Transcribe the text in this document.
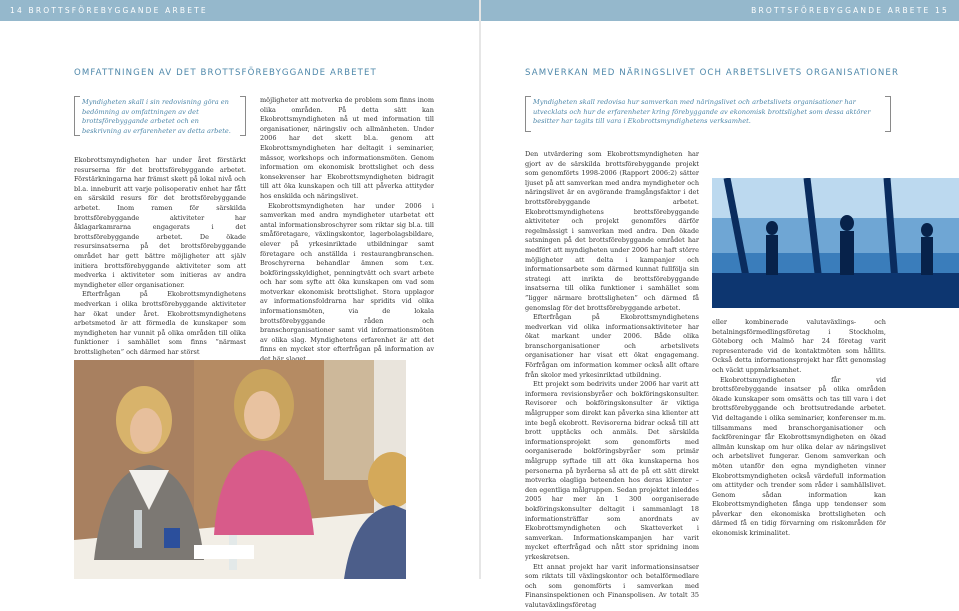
14 BROTTSFÖREBYGGANDE ARBETE	BROTTSFÖREBYGGANDE ARBETE 15
OMFATTNINGEN AV DET BROTTSFÖREBYGGANDE ARBETET
Myndigheten skall i sin redovisning göra en bedömning av omfattningen av det brottsförebyggande arbetet och en beskrivning av erfarenheter av detta arbete.

Ekobrottsmyndigheten har under året förstärkt resurserna för det brottsförebyggande arbetet. Förstärkningarna har främst skett på lokal nivå och bl.a. inneburit att varje polisoperativ enhet har fått en särskild resurs för det brottsförebyggande arbetet. Inom ramen för särskilda brottsförebyggande aktiviteter har åklagarkamrarna engagerats i det brottsförebyggande arbetet. De ökade resursinsatserna på det brottsförebyggande området har gett bättre möjligheter att själv initiera brottsförebyggande aktiviteter som att medverka i aktiviteter som initieras av andra myndigheter eller organisationer.

Efterfrågan på Ekobrottsmyndighetens medverkan i olika brottsförebyggande aktiviteter har ökat under året. Ekobrottsmyndighetens arbetsmetod är att förmedla de kunskaper som myndigheten har vunnit på olika områden till olika funktioner i samhället som finns ”närmast brottsligheten” och därmed har störst

möjligheter att motverka de problem som finns inom olika områden. På detta sätt kan Ekobrottsmyndigheten nå ut med information till organisationer, näringsliv och allmänheten. Under 2006 har det skett bl.a. genom att Ekobrottsmyndigheten har deltagit i seminarier, mässor, workshops och informationsmöten. Genom information om ekonomisk brottslighet och dess konsekvenser har Ekobrottsmyndigheten bidragit till att öka kunskapen och till att påverka attityder hos enskilda och näringslivet.

Ekobrottsmyndigheten har under 2006 i samverkan med andra myndigheter utarbetat ett antal informationsbroschyrer som riktar sig bl.a. till småföretagare, växlingskontor, lagerbolagsbildare, elever på yrkesinriktade utbildningar samt företagare och anställda i restaurangbranschen. Broschyrerna behandlar ämnen som t.ex. bokföringsskyldighet, penningtvätt och svart arbete och har som syfte att öka kunskapen om vad som motverkar ekonomisk brottslighet. Stora upplagor av informationsfoldrarna har spridits vid olika informationsmöten, via de lokala brottsförebyggande råden och branschorganisationer samt vid informationsmöten av olika slag. Myndighetens erfarenhet är att det finns en mycket stor efterfrågan på information av

SAMVERKAN MED NÄRINGSLIVET OCH ARBETSLIVETS ORGANISATIONER
Myndigheten skall redovisa hur samverkan med näringslivet och arbetslivets organisationer har utvecklats och hur de erfarenheter kring förebyggande av ekonomisk brottslighet som dessa aktörer besitter har tagits till vara i Ekobrottsmyndighetens verksamhet.

Den utvärdering som Ekobrottsmyndigheten har gjort av de särskilda brottsförebyggande projekt som genomförts 1998-2006 (Rapport 2006:2) sätter ljuset på att samverkan med andra myndigheter och näringslivet är en avgörande framgångsfaktor i det brottsförebyggande arbetet. Ekobrottsmyndighetens brottsförebyggande aktiviteter och projekt genomförs därför regelmässigt i samverkan med andra. Den ökade satsningen på det brottsförebyggande området har medfört att myndigheten under 2006 har haft större möjligheter att delta i kampanjer och informationsarbete som därmed kunnat fullfölja sin strategi att inrikta de brottsförebyggande insatserna till olika funktioner i samhället som ”ligger närmare brottsligheten” och därmed få genomslag för det brottsförebyggande arbetet.

Efterfrågan på Ekobrottsmyndighetens medverkan vid olika informationsaktiviteter har ökat markant under 2006. Både olika branschorganisationer och arbetslivets organisationer har visat ett ökat engagemang. Förfrågan om information kommer också allt oftare från skolor med yrkesinriktad utbildning.

Ett projekt som bedrivits under 2006 har varit att informera revisionsbyråer och bokföringskonsulter. Revisorer och bokföringskonsulter är viktiga målgrupper som direkt kan påverka sina klienter att inte begå ekobrott. Revisorerna bidrar också till att brott upptäcks och anmäls. Det särskilda informationsprojekt som genomförts med oorganiserade bokföringsbyråer som primär målgrupp syftade till att öka kunskaperna hos personerna på byråerna så att de på ett sätt direkt motverka olagliga beteenden hos deras klienter – den egentliga målgruppen. Sedan projektet inleddes 2005 har mer än 1 300 oorganiserade bokföringskonsulter deltagit i sammanlagt 18 informationsträffar som anordnats av Ekobrottsmyndigheten och Skatteverket i samverkan. Informationskampanjen har varit mycket efterfrågad och nått stor spridning inom yrkeskretsen.

Ett annat projekt har varit informationsinsatser som riktats till växlingskontor och betalförmedlare och som genomförts i samverkan med Finansinspektionen och Finanspolisen. Av totalt 35 valutaväxlingsföretag

eller kombinerade valutaväxlings- och betalningsförmedlingsföretag i Stockholm, Göteborg och Malmö har 24 företag varit representerade vid de kontaktmöten som hållits. Också detta informationsprojekt har fått genomslag och väckt uppmärksamhet.

Ekobrottsmyndigheten får vid brottsförebyggande insatser på olika områden ökade kunskaper som omsätts och tas till vara i det brottsförebyggande och brottsutredande arbetet. Vid deltagande i olika seminarier, konferenser m.m. tillsammans med branschorganisationer och fackföreningar får Ekobrottsmyndigheten en ökad allmän kunskap om hur olika delar av näringslivet och arbetslivet fungerar. Genom samverkan och möten utanför den egna myndigheten vinner Ekobrottsmyndigheten också värdefull information om attityder och trender som råder i samhällslivet. Genom sådan information kan Ekobrottsmyndigheten fånga upp tendenser som påverkar den ekonomiska brottsligheten och därmed få en tidig förvarning om riskområden för ekonomisk kriminalitet.
